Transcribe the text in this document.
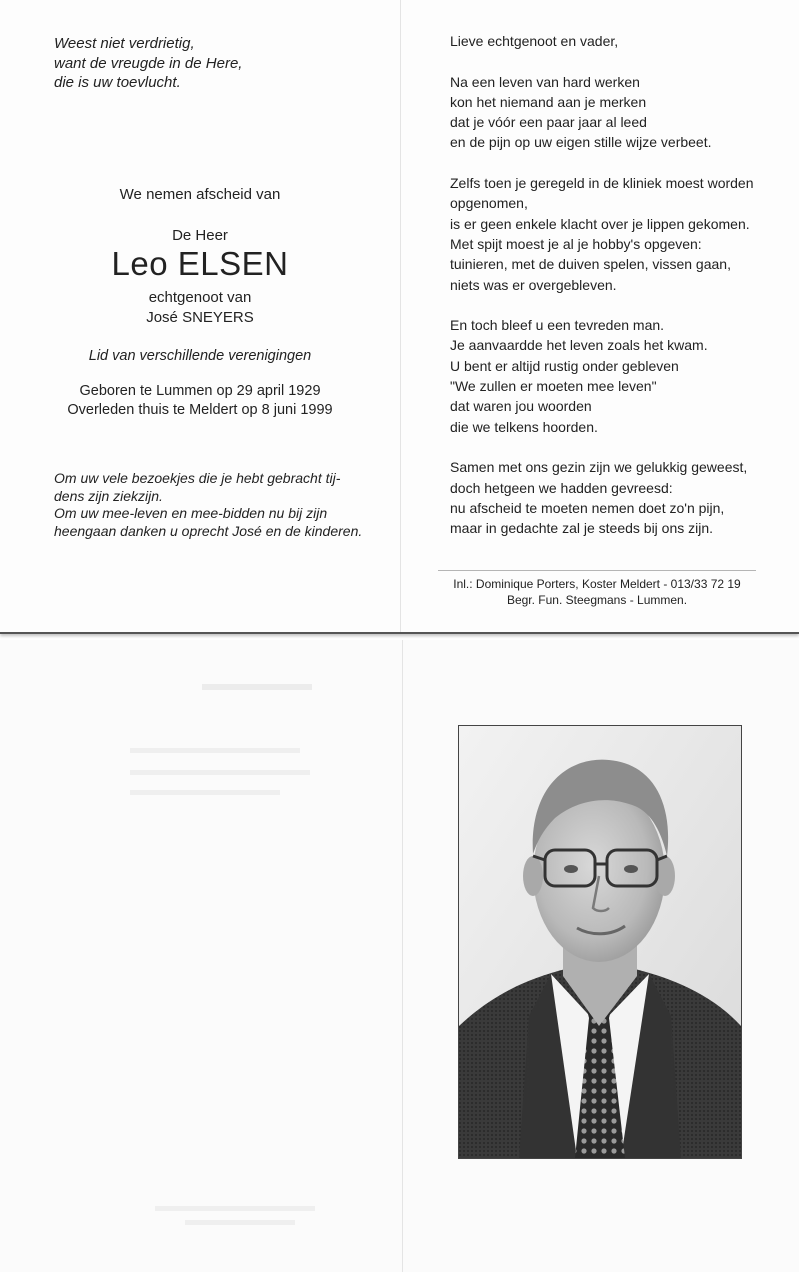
Weest niet verdrietig,
want de vreugde in de Here,
die is uw toevlucht.
We nemen afscheid van
De Heer
Leo ELSEN
echtgenoot van
José SNEYERS
Lid van verschillende verenigingen
Geboren te Lummen op 29 april 1929
Overleden thuis te Meldert op 8 juni 1999
Om uw vele bezoekjes die je hebt gebracht tij-
dens zijn ziekzijn.
Om uw mee-leven en mee-bidden nu bij zijn
heengaan danken u oprecht José en de kinderen.
Lieve echtgenoot en vader,
Na een leven van hard werken
kon het niemand aan je merken
dat je vóór een paar jaar al leed
en de pijn op uw eigen stille wijze verbeet.
Zelfs toen je geregeld in de kliniek moest worden
opgenomen,
is er geen enkele klacht over je lippen gekomen.
Met spijt moest je al je hobby's opgeven:
tuinieren, met de duiven spelen, vissen gaan,
niets was er overgebleven.
En toch bleef u een tevreden man.
Je aanvaardde het leven zoals het kwam.
U bent er altijd rustig onder gebleven
"We zullen er moeten mee leven"
dat waren jou woorden
die we telkens hoorden.
Samen met ons gezin zijn we gelukkig geweest,
doch hetgeen we hadden gevreesd:
nu afscheid te moeten nemen doet zo'n pijn,
maar in gedachte zal je steeds bij ons zijn.
Inl.: Dominique Porters, Koster Meldert - 013/33 72 19
Begr. Fun. Steegmans - Lummen.
